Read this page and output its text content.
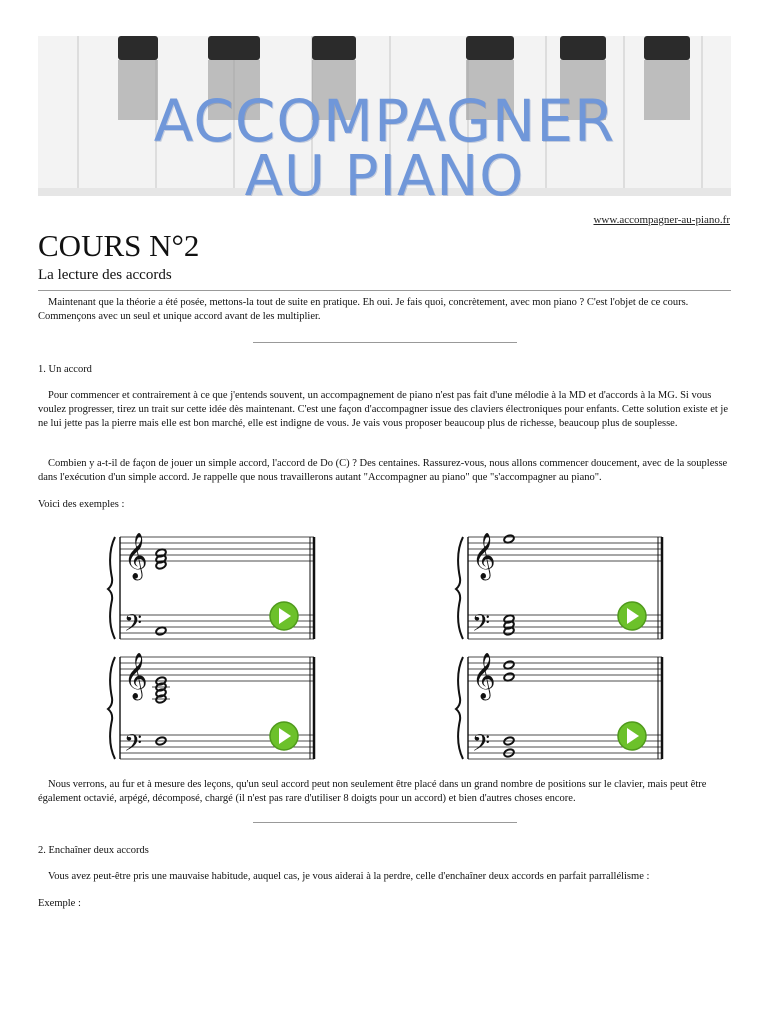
ACCOMPAGNER
AU PIANO
www.accompagner-au-piano.fr
COURS N°2
La lecture des accords

Maintenant que la théorie a été posée, mettons-la tout de suite en pratique. Eh oui. Je fais quoi, concrètement, avec mon piano ? C'est l'objet de ce cours. Commençons avec un seul et unique accord avant de les multiplier.

1. Un accord

Pour commencer et contrairement à ce que j'entends souvent, un accompagnement de piano n'est pas fait d'une mélodie à la MD et d'accords à la MG. Si vous voulez progresser, tirez un trait sur cette idée dès maintenant. C'est une façon d'accompagner issue des claviers électroniques pour enfants. Cette solution existe et je ne lui jette pas la pierre mais elle est bon marché, elle est indigne de vous. Je vais vous proposer beaucoup plus de richesse, beaucoup plus de souplesse.

Combien y a-t-il de façon de jouer un simple accord, l'accord de Do (C) ? Des centaines. Rassurez-vous, nous allons commencer doucement, avec de la souplesse dans l'exécution d'un simple accord. Je rappelle que nous travaillerons autant "Accompagner au piano" que "s'accompagner au piano".

Voici des exemples :

𝄞
𝄢
𝄞
𝄢
𝄞
𝄢
𝄞
𝄢

Nous verrons, au fur et à mesure des leçons, qu'un seul accord peut non seulement être placé dans un grand nombre de positions sur le clavier, mais peut être également octavié, arpégé, décomposé, chargé (il n'est pas rare d'utiliser 8 doigts pour un accord) et bien d'autres choses encore.

2. Enchaîner deux accords

Vous avez peut-être pris une mauvaise habitude, auquel cas, je vous aiderai à la perdre, celle d'enchaîner deux accords en parfait parrallélisme :

Exemple :
